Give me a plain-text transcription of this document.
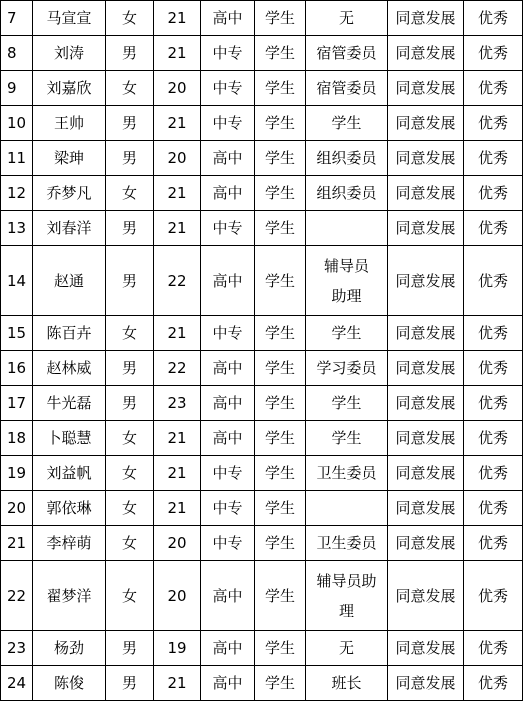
7	马宣宣	女	21	高中	学生	无	同意发展	优秀
8	刘涛	男	21	中专	学生	宿管委员	同意发展	优秀
9	刘嘉欣	女	20	中专	学生	宿管委员	同意发展	优秀
10	王帅	男	21	中专	学生	学生	同意发展	优秀
11	梁珅	男	20	高中	学生	组织委员	同意发展	优秀
12	乔梦凡	女	21	高中	学生	组织委员	同意发展	优秀
13	刘春洋	男	21	中专	学生		同意发展	优秀
14	赵通	男	22	高中	学生	辅导员
助理	同意发展	优秀
15	陈百卉	女	21	中专	学生	学生	同意发展	优秀
16	赵林威	男	22	高中	学生	学习委员	同意发展	优秀
17	牛光磊	男	23	高中	学生	学生	同意发展	优秀
18	卜聪慧	女	21	高中	学生	学生	同意发展	优秀
19	刘益帆	女	21	中专	学生	卫生委员	同意发展	优秀
20	郭依琳	女	21	中专	学生		同意发展	优秀
21	李梓萌	女	20	中专	学生	卫生委员	同意发展	优秀
22	翟梦洋	女	20	高中	学生	辅导员助
理	同意发展	优秀
23	杨劲	男	19	高中	学生	无	同意发展	优秀
24	陈俊	男	21	高中	学生	班长	同意发展	优秀
